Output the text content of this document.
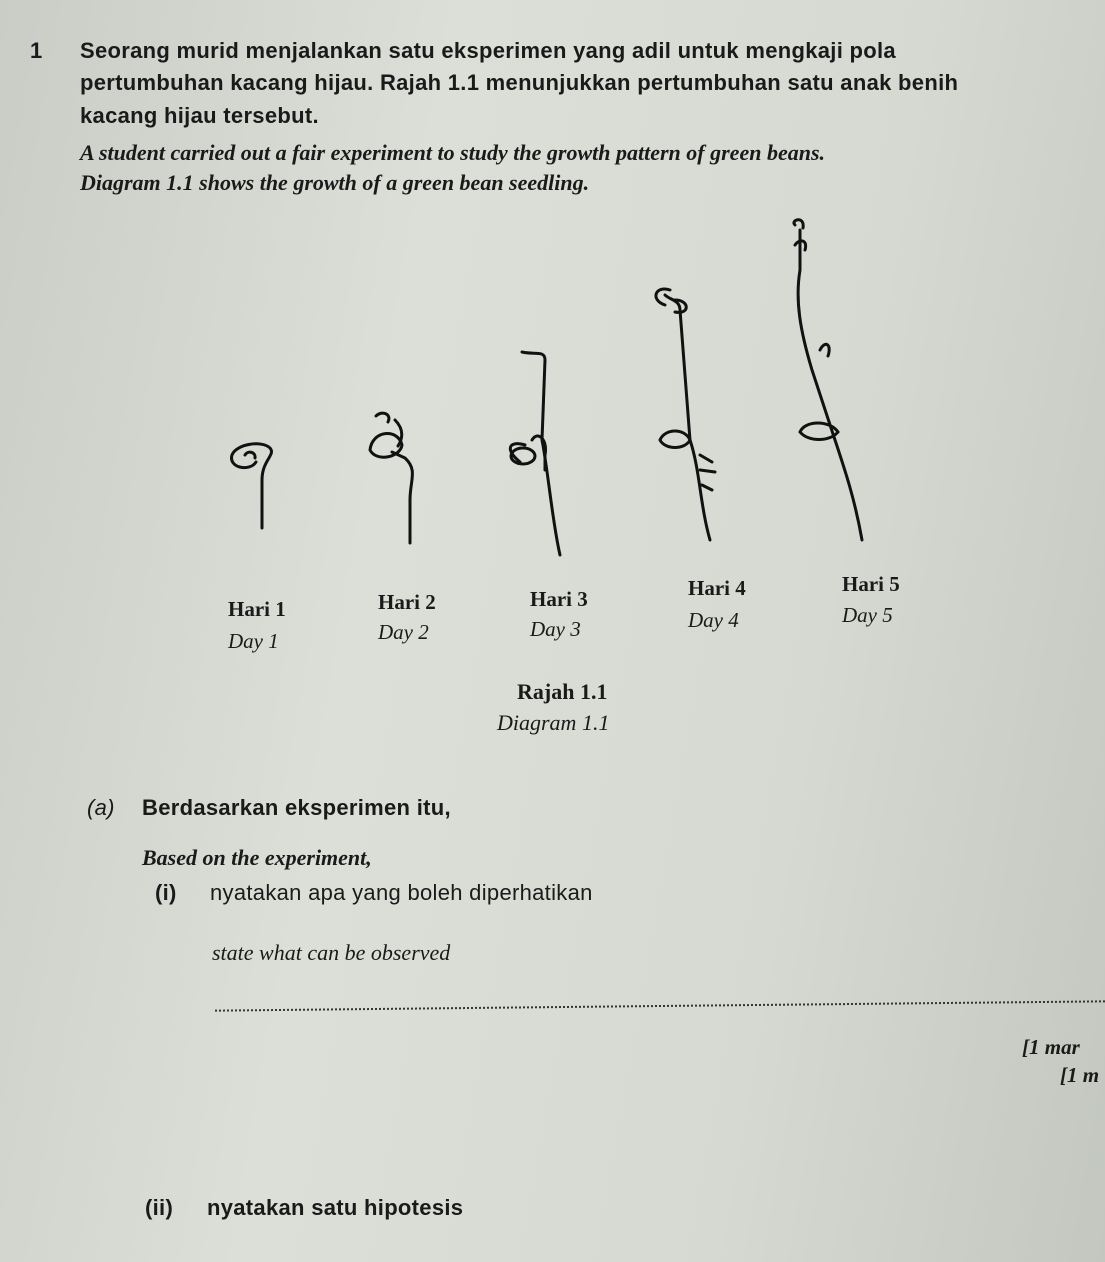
1 Seorang murid menjalankan satu eksperimen yang adil untuk mengkaji pola
pertumbuhan kacang hijau. Rajah 1.1 menunjukkan pertumbuhan satu anak benih
kacang hijau tersebut.
A student carried out a fair experiment to study the growth pattern of green beans.
Diagram 1.1 shows the growth of a green bean seedling.
Hari 1
Day 1
Hari 2
Day 2
Hari 3
Day 3
Hari 4
Day 4
Hari 5
Day 5
Rajah 1.1
Diagram 1.1
(a) Berdasarkan eksperimen itu,
Based on the experiment,
(i) nyatakan apa yang boleh diperhatikan
state what can be observed
[1 mar
[1 m
(ii) nyatakan satu hipotesis
